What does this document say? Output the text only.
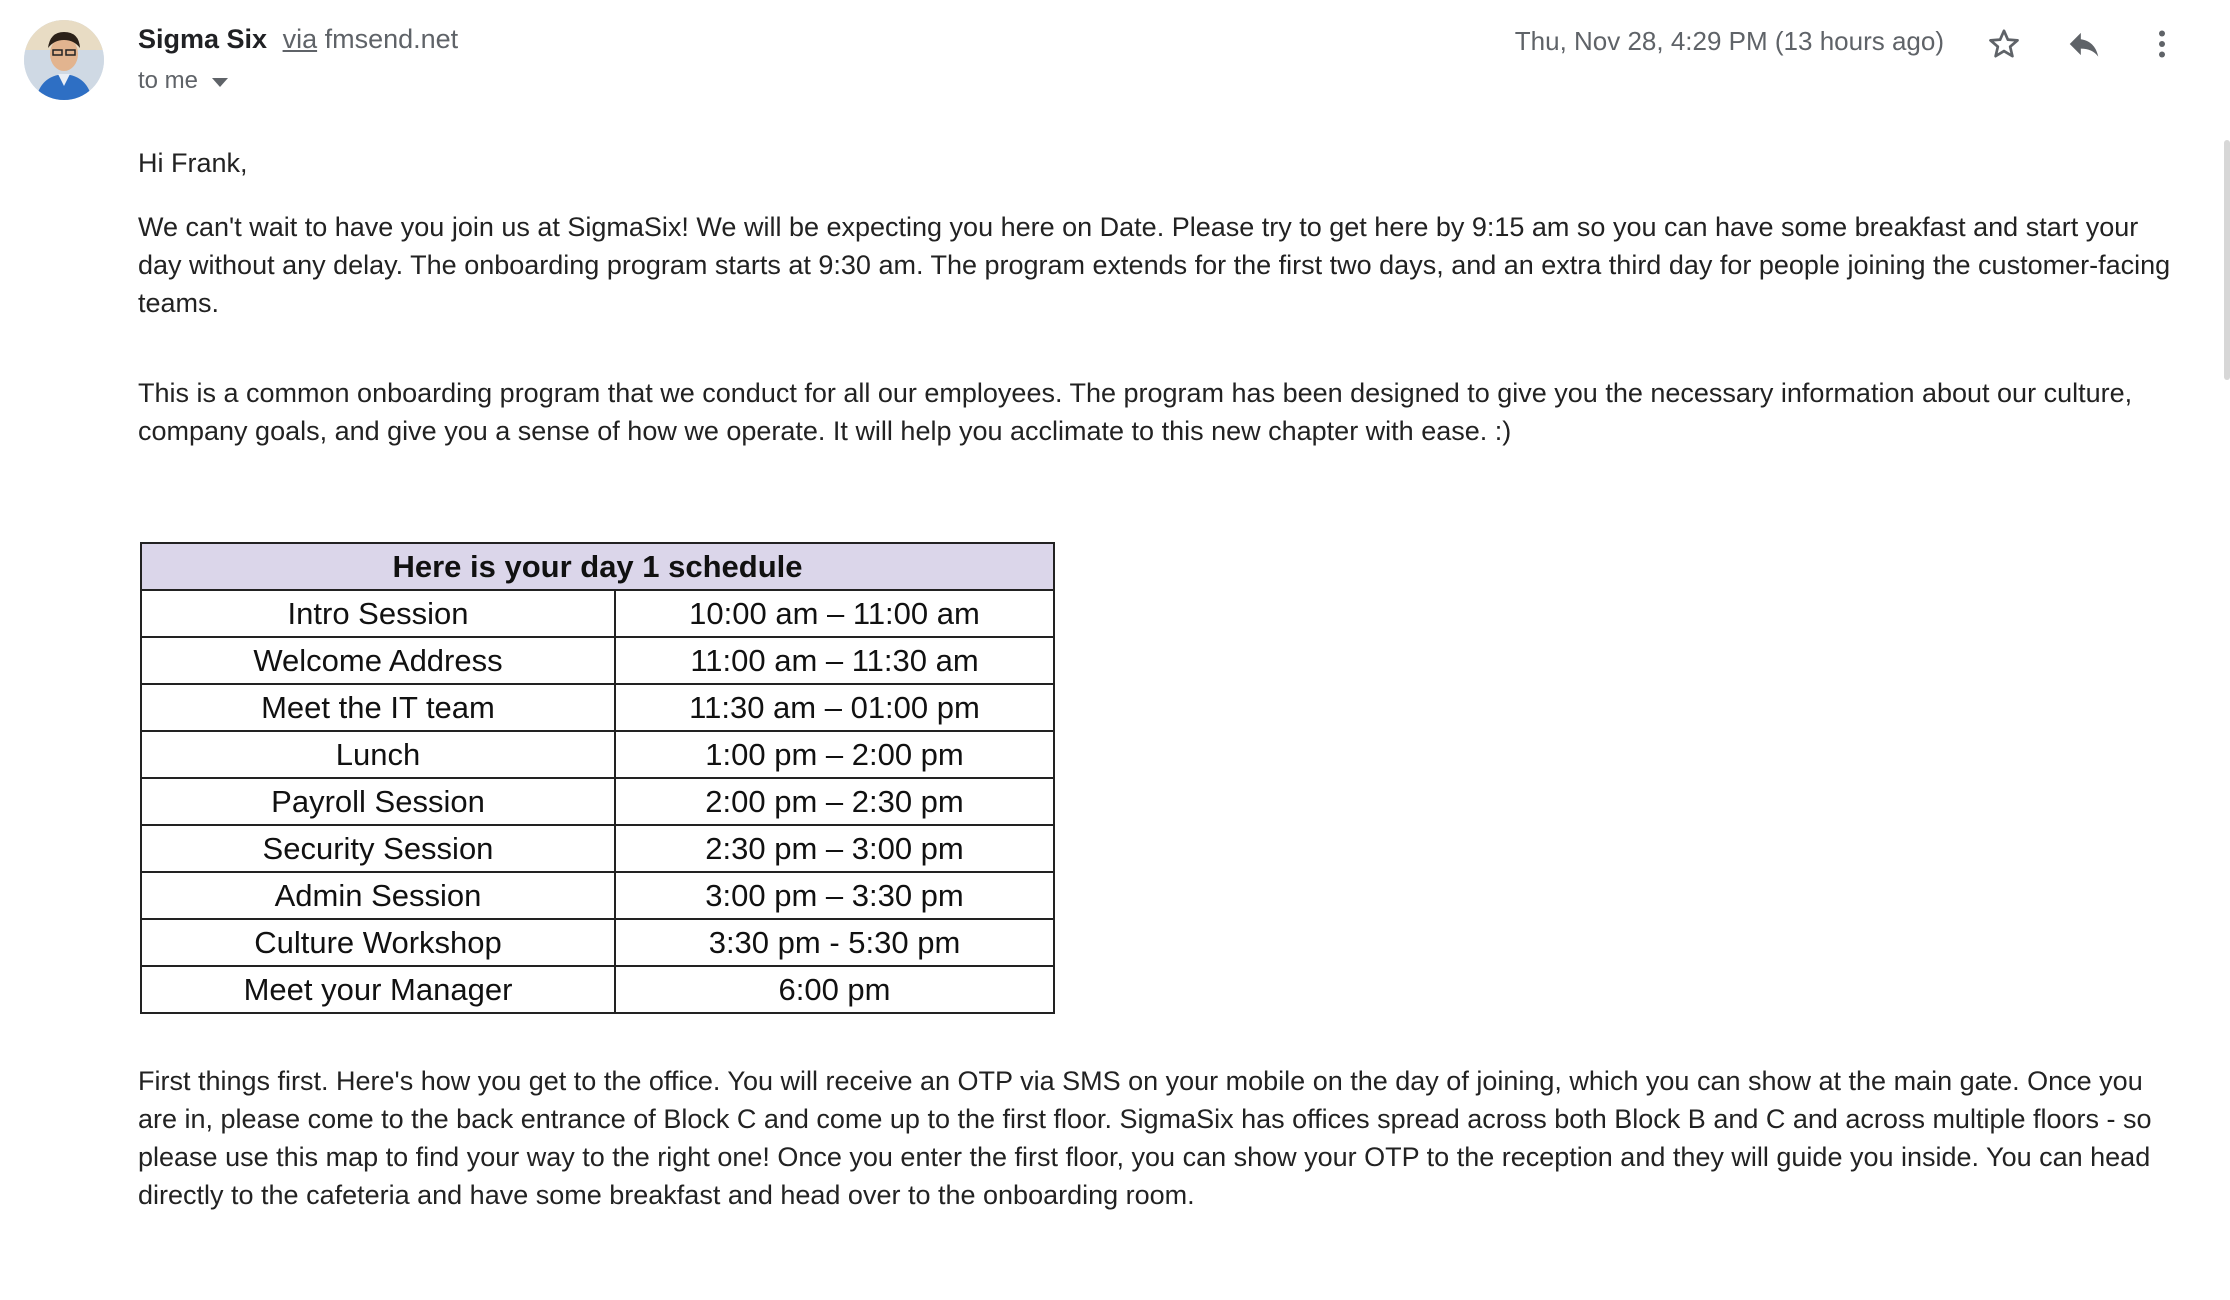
Sigma Six via fmsend.net
to me
Thu, Nov 28, 4:29 PM (13 hours ago)
Hi Frank,
We can't wait to have you join us at SigmaSix! We will be expecting you here on Date. Please try to get here by 9:15 am so you can have some breakfast and start your day without any delay. The onboarding program starts at 9:30 am. The program extends for the first two days, and an extra third day for people joining the customer-facing teams.
This is a common onboarding program that we conduct for all our employees. The program has been designed to give you the necessary information about our culture, company goals, and give you a sense of how we operate. It will help you acclimate to this new chapter with ease. :)
Here is your day 1 schedule	
Intro Session	10:00 am – 11:00 am
Welcome Address	11:00 am – 11:30 am
Meet the IT team	11:30 am – 01:00 pm
Lunch	1:00 pm – 2:00 pm
Payroll Session	2:00 pm – 2:30 pm
Security Session	2:30 pm – 3:00 pm
Admin Session	3:00 pm – 3:30 pm
Culture Workshop	3:30 pm - 5:30 pm
Meet your Manager	6:00 pm
First things first. Here's how you get to the office. You will receive an OTP via SMS on your mobile on the day of joining, which you can show at the main gate. Once you are in, please come to the back entrance of Block C and come up to the first floor. SigmaSix has offices spread across both Block B and C and across multiple floors - so please use this map to find your way to the right one! Once you enter the first floor, you can show your OTP to the reception and they will guide you inside. You can head directly to the cafeteria and have some breakfast and head over to the onboarding room.
